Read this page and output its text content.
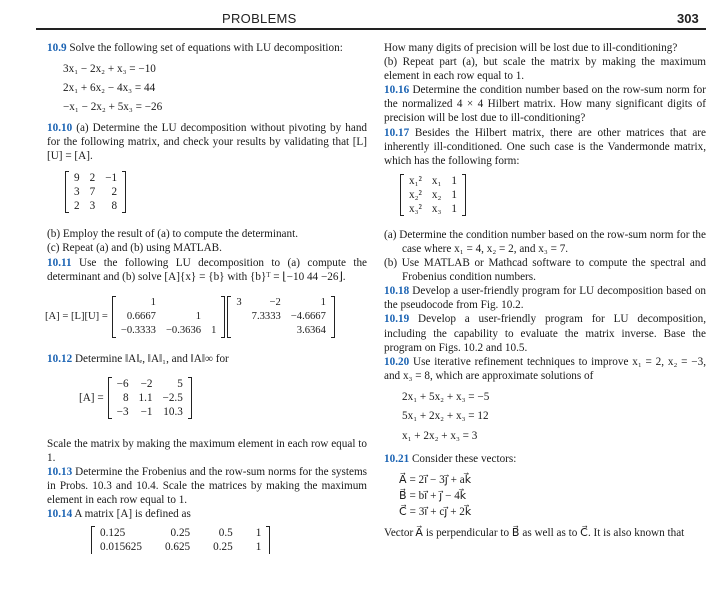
PROBLEMS	303

10.9 Solve the following set of equations with LU decomposition:

3x₁ − 2x₂ + x₃ = −10
2x₁ + 6x₂ − 4x₃ = 44
−x₁ − 2x₂ + 5x₃ = −26

10.10 (a) Determine the LU decomposition without pivoting by hand for the following matrix, and check your results by validating that [L][U] = [A].

9	2	−1
3	7	2
2	3	8

(b) Employ the result of (a) to compute the determinant.

(c) Repeat (a) and (b) using MATLAB.

10.11 Use the following LU decomposition to (a) compute the determinant and (b) solve [A]{x} = {b} with {b}ᵀ = ⌊−10 44 −26⌋.

[A] = [L][U] =
1		
0.6667	1	
−0.3333	−0.3636	1
3	−2	1
	7.3333	−4.6667
		3.6364

10.12 Determine ‖A‖ₑ, ‖A‖₁, and ‖A‖∞ for

[A] =
−6	−2	5
8	1.1	−2.5
−3	−1	10.3

Scale the matrix by making the maximum element in each row equal to 1.

10.13 Determine the Frobenius and the row-sum norms for the systems in Probs. 10.3 and 10.4. Scale the matrices by making the maximum element in each row equal to 1.

10.14 A matrix [A] is defined as

0.125	0.25	0.5	1
0.015625	0.625	0.25	1

How many digits of precision will be lost due to ill-conditioning?

(b) Repeat part (a), but scale the matrix by making the maximum element in each row equal to 1.

10.16 Determine the condition number based on the row-sum norm for the normalized 4 × 4 Hilbert matrix. How many significant digits of precision will be lost due to ill-conditioning?

10.17 Besides the Hilbert matrix, there are other matrices that are inherently ill-conditioned. One such case is the Vandermonde matrix, which has the following form:

x₁²	x₁	1
x₂²	x₂	1
x₃²	x₃	1

(a) Determine the condition number based on the row-sum norm for the case where x₁ = 4, x₂ = 2, and x₃ = 7.

(b) Use MATLAB or Mathcad software to compute the spectral and Frobenius condition numbers.

10.18 Develop a user-friendly program for LU decomposition based on the pseudocode from Fig. 10.2.

10.19 Develop a user-friendly program for LU decomposition, including the capability to evaluate the matrix inverse. Base the program on Figs. 10.2 and 10.5.

10.20 Use iterative refinement techniques to improve x₁ = 2, x₂ = −3, and x₃ = 8, which are approximate solutions of

2x₁ + 5x₂ + x₃ = −5
5x₁ + 2x₂ + x₃ = 12
x₁ + 2x₂ + x₃ = 3

10.21 Consider these vectors:

A⃗ = 2i⃗ − 3j⃗ + ak⃗
B⃗ = bi⃗ + j⃗ − 4k⃗
C⃗ = 3i⃗ + cj⃗ + 2k⃗

Vector A⃗ is perpendicular to B⃗ as well as to C⃗. It is also known that
